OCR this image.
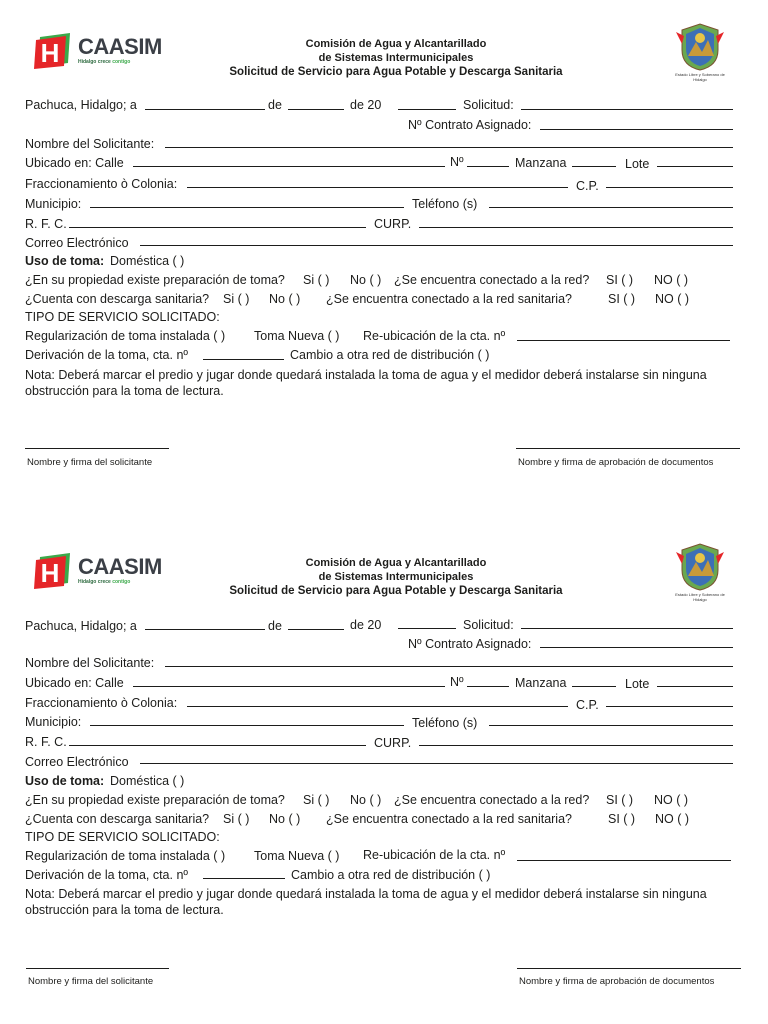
H CAASIM
Hidalgo crece contigo
Comisión de Agua y Alcantarillado
de Sistemas Intermunicipales
Solicitud de Servicio para Agua Potable y Descarga Sanitaria	Estado Libre y Soberano de Hidalgo
Pachuca, Hidalgo; a	de	de 20	Solicitud:
Nº Contrato Asignado:
Nombre del Solicitante:
Ubicado en: Calle	Nº	Manzana	Lote
Fraccionamiento ò Colonia:	C.P.
Municipio:	Teléfono (s)
R. F. C.	CURP.
Correo Electrónico
Uso de toma: Doméstica ( )
¿En su propiedad existe preparación de toma? Si ( ) No ( ) ¿Se encuentra conectado a la red? SI ( ) NO ( )
¿Cuenta con descarga sanitaria? Si ( ) No ( ) ¿Se encuentra conectado a la red sanitaria?	SI ( ) NO ( )
TIPO DE SERVICIO SOLICITADO:
Regularización de toma instalada ( ) Toma Nueva ( ) Re-ubicación de la cta. nº
Derivación de la toma, cta. nº	Cambio a otra red de distribución ( )
Nota: Deberá marcar el predio y jugar donde quedará instalada la toma de agua y el medidor deberá instalarse sin ninguna obstrucción para la toma de lectura.
Nombre y firma del solicitante	Nombre y firma de aprobación de documentos
H CAASIM
Hidalgo crece contigo
Comisión de Agua y Alcantarillado
de Sistemas Intermunicipales
Solicitud de Servicio para Agua Potable y Descarga Sanitaria	Estado Libre y Soberano de Hidalgo
Pachuca, Hidalgo; a	de	de 20	Solicitud:
Nº Contrato Asignado:
Nombre del Solicitante:
Ubicado en: Calle	Nº	Manzana	Lote
Fraccionamiento ò Colonia:	C.P.
Municipio:	Teléfono (s)
R. F. C.	CURP.
Correo Electrónico
Uso de toma: Doméstica ( )
¿En su propiedad existe preparación de toma? Si ( ) No ( ) ¿Se encuentra conectado a la red? SI ( ) NO ( )
¿Cuenta con descarga sanitaria? Si ( ) No ( ) ¿Se encuentra conectado a la red sanitaria?	SI ( ) NO ( )
TIPO DE SERVICIO SOLICITADO:
Regularización de toma instalada ( ) Toma Nueva ( ) Re-ubicación de la cta. nº
Derivación de la toma, cta. nº	Cambio a otra red de distribución ( )
Nota: Deberá marcar el predio y jugar donde quedará instalada la toma de agua y el medidor deberá instalarse sin ninguna obstrucción para la toma de lectura.
Nombre y firma del solicitante	Nombre y firma de aprobación de documentos
